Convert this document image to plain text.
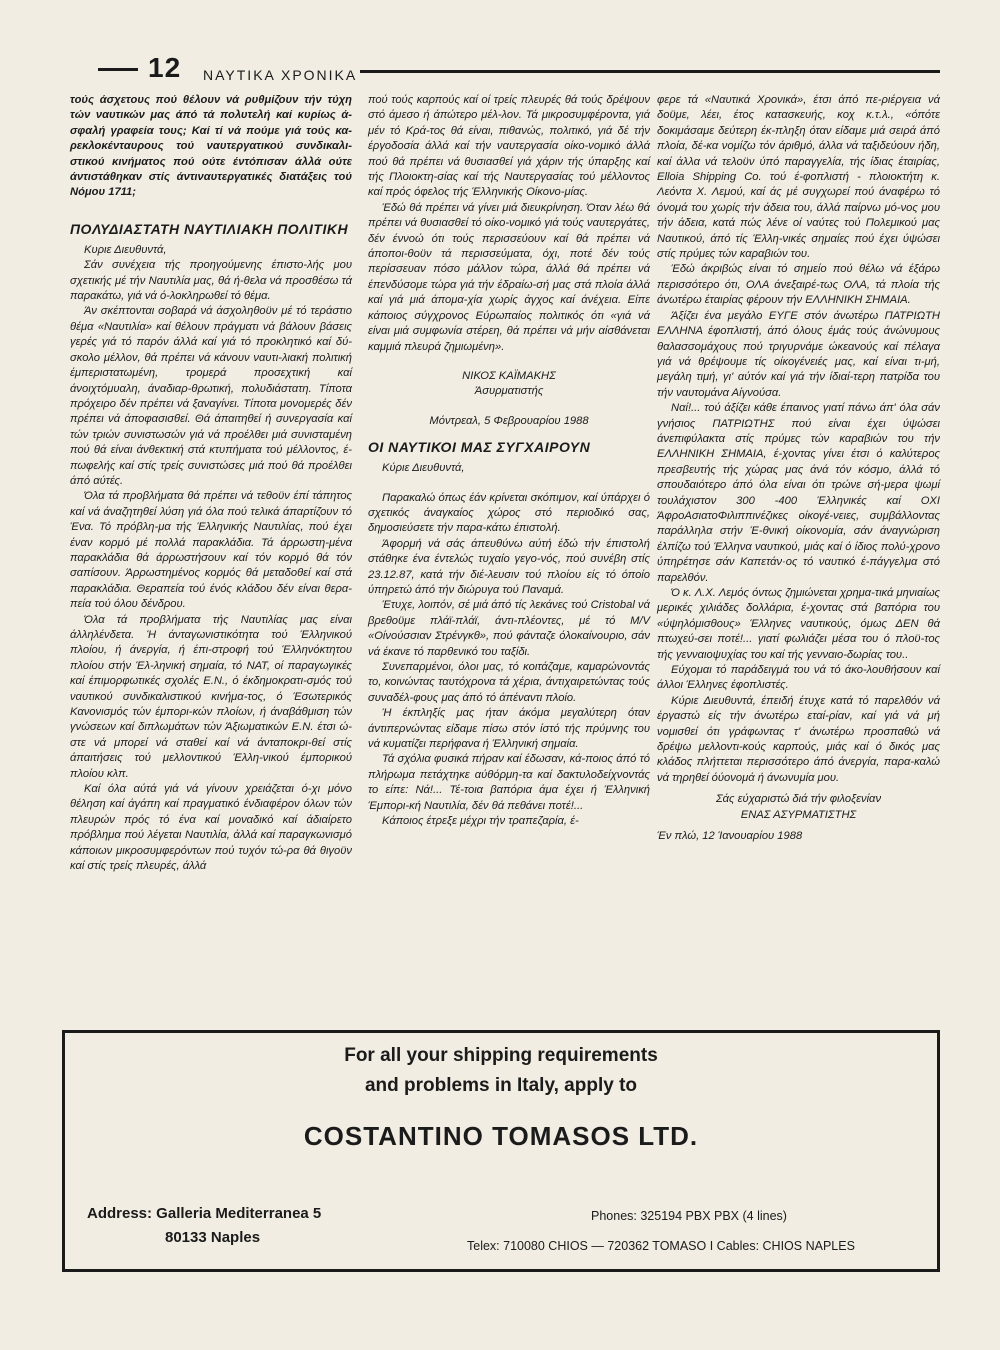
12 ΝΑΥΤΙΚΑ ΧΡΟΝΙΚΑ

τούς άσχετους πού θέλουν νά ρυθμίζουν τήν τύχη τών ναυτικών μας άπό τά πολυτελή καί κυρίως ά-σφαλή γραφεία τους; Καί τί νά πούμε γιά τούς κα-ρεκλοκένταυρους τού ναυτεργατικού συνδικαλι-στικού κινήματος πού ούτε έντόπισαν άλλά ούτε άντιστάθηκαν στίς άντιναυτεργατικές διατάξεις τού Νόμου 1711;

ΠΟΛΥΔΙΑΣΤΑΤΗ ΝΑΥΤΙΛΙΑΚΗ ΠΟΛΙΤΙΚΗ

Κυριε Διευθυντά,

Σάν συνέχεια τής προηγούμενης έπιστο-λής μου σχετικής μέ τήν Ναυτιλία μας, θά ή-θελα νά προσθέσω τά παρακάτω, γιά νά ό-λοκληρωθεί τό θέμα.

Άν σκέπτονται σοβαρά νά άσχοληθοϋν μέ τό τεράστιο θέμα «Ναυτιλία» καί θέλουν πράγματι νά βάλουν βάσεις γερές γιά τό παρόν άλλά καί γιά τό προκλητικό καί δύ-σκολο μέλλον, θά πρέπει νά κάνουν ναυτι-λιακή πολιτική έμπεριστατωμένη, τρομερά προσεχτική καί άνοιχτόμυαλη, άναδιαρ-θρωτική, πολυδιάστατη. Τίποτα πρόχειρο δέν πρέπει νά ξαναγίνει. Τίποτα μονομερές δέν πρέπει νά άποφασισθεί. Θά άπαιτηθεί ή συνεργασία καί τών τριών συνιστωσών γιά νά προέλθει μιά συνισταμένη πού θά είναι άνθεκτική στά κτυπήματα τού μέλλοντος, έ-πωφελής καί στίς τρείς συνιστώσες μιά πού θά προέλθει άπό αύτές.

Όλα τά προβλήματα θά πρέπει νά τεθοϋν έπί τάπητος καί νά άναζητηθεί λύση γιά όλα πού τελικά άπαρτίζουν τό Ένα. Τό πρόβλη-μα τής Έλληνικής Ναυτιλίας, πού έχει έναν κορμό μέ πολλά παρακλάδια. Τά άρρωστη-μένα παρακλάδια θά άρρωστήσουν καί τόν κορμό θά τόν σαπίσουν. Άρρωστημένος κορμός θά μεταδοθεί καί στά παρακλάδια. Θεραπεία τού ένός κλάδου δέν είναι θερα-πεία τού όλου δένδρου.

Όλα τά προβλήματα τής Ναυτιλίας μας είναι άλληλένδετα. Ή άνταγωνιστικότητα τού Έλληνικού πλοίου, ή άνεργία, ή έπι-στροφή τού Έλληνόκτητου πλοίου στήν Έλ-ληνική σημαία, τό ΝΑΤ, οί παραγωγικές καί έπιμορφωτικές σχολές Ε.Ν., ό έκδημοκρατι-σμός τού ναυτικού συνδικαλιστικού κινήμα-τος, ό Έσωτερικός Κανονισμός τών έμπορι-κών πλοίων, ή άναβάθμιση τών γνώσεων καί διπλωμάτων τών Άξιωματικών Ε.Ν. έτσι ώ-στε νά μπορεί νά σταθεί καί νά άνταποκρι-θεί στίς άπαιτήσεις τού μελλοντικού Έλλη-νικού έμπορικού πλοίου κλπ.

Καί όλα αύτά γιά νά γίνουν χρειάζεται ό-χι μόνο θέληση καί άγάπη καί πραγματικό ένδιαφέρον όλων τών πλευρών πρός τό ένα καί μοναδικό καί άδιαίρετο πρόβλημα πού λέγεται Ναυτιλία, άλλά καί παραγκωνισμό κάποιων μικροσυμφερόντων πού τυχόν τώ-ρα θά θιγοϋν καί στίς τρείς πλευρές, άλλά

πού τούς καρπούς καί οί τρείς πλευρές θά τούς δρέψουν στό άμεσο ή άπώτερο μέλ-λον. Τά μικροσυμφέροντα, γιά μέν τό Κρά-τος θά είναι, πιθανώς, πολιτικό, γιά δέ τήν έργοδοσία άλλά καί τήν ναυτεργασία οίκο-νομικό άλλά πού θά πρέπει νά θυσιασθεί γιά χάριν τής ύπαρξης καί τής Πλοιοκτη-σίας καί τής Ναυτεργασίας τού μέλλοντος καί πρός όφελος τής Έλληνικής Οίκονο-μίας.

Έδώ θά πρέπει νά γίνει μιά διευκρίνηση. Όταν λέω θά πρέπει νά θυσιασθεί τό οίκο-νομικό γιά τούς ναυτεργάτες, δέν έννοώ ότι τούς περισσεύουν καί θά πρέπει νά άποποι-θοϋν τά περισσεύματα, όχι, ποτέ δέν τούς περίσσευαν πόσο μάλλον τώρα, άλλά θά πρέπει νά έπενδύσομε τώρα γιά τήν έδραίω-σή μας στά πλοία άλλά καί γιά μιά άπομα-χία χωρίς άγχος καί άνέχεια. Είπε κάποιος σύγχρονος Εύρωπαίος πολιτικός ότι «γιά νά είναι μιά συμφωνία στέρεη, θά πρέπει νά μήν αίσθάνεται καμμιά πλευρά ζημιωμένη».

ΝΙΚΟΣ ΚΑΪΜΑΚΗΣ

Άσυρματιστής

Μόντρεαλ, 5 Φεβρουαρίου 1988

ΟΙ ΝΑΥΤΙΚΟΙ ΜΑΣ ΣΥΓΧΑΙΡΟΥΝ

Κύριε Διευθυντά,

Παρακαλώ όπως έάν κρίνεται σκόπιμον, καί ύπάρχει ό σχετικός άναγκαίος χώρος στό περιοδικό σας, δημοσιεύσετε τήν παρα-κάτω έπιστολή.

Άφορμή νά σάς άπευθύνω αύτή έδώ τήν έπιστολή στάθηκε ένα έντελώς τυχαίο γεγο-νός, πού συνέβη στίς 23.12.87, κατά τήν διέ-λευσιν τού πλοίου είς τό όποίο ύπηρετώ άπό τήν διώρυγα τού Παναμά.

Έτυχε, λοιπόν, σέ μιά άπό τίς λεκάνες τού Cristobal νά βρεθοϋμε πλάϊ-πλάϊ, άντι-πλέοντες, μέ τό Μ/V «Οίνούσσιαν Στρένγκθ», πού φάνταζε όλοκαίνουριο, σάν νά έκανε τό παρθενικό του ταξίδι.

Συνεπαρμένοι, όλοι μας, τό κοιτάζαμε, καμαρώνοντάς το, κοινώντας ταυτόχρονα τά χέρια, άντιχαιρετώντας τούς συναδέλ-φους μας άπό τό άπέναντι πλοίο.

Ή έκπληξίς μας ήταν άκόμα μεγαλύτερη όταν άντιπερνώντας είδαμε πίσω στόν ίστό τής πρύμνης του νά κυματίζει περήφανα ή Έλληνική σημαία.

Τά σχόλια φυσικά πήραν καί έδωσαν, κά-ποιος άπό τό πλήρωμα πετάχτηκε αύθόρμη-τα καί δακτυλοδείχνοντάς το είπε: Νά!... Τέ-τοια βαπόρια άμα έχει ή Έλληνική Έμπορι-κή Ναυτιλία, δέν θά πεθάνει ποτέ!...

Κάποιος έτρεξε μέχρι τήν τραπεζαρία, έ-

φερε τά «Ναυτικά Χρονικά», έτσι άπό πε-ριέργεια νά δοϋμε, λέει, έτος κατασκευής, κοχ κ.τ.λ., «όπότε δοκιμάσαμε δεύτερη έκ-πληξη όταν είδαμε μιά σειρά άπό πλοία, δέ-κα νομίζω τόν άριθμό, άλλα νά ταξιδεύουν ήδη, καί άλλα νά τελοϋν ύπό παραγγελία, τής ίδιας έταιρίας, Elloia Shipping Co. τού έ-φοπλιστή - πλοιοκτήτη κ. Λεόντα Χ. Λεμού, καί άς μέ συγχωρεί πού άναφέρω τό όνομά του χωρίς τήν άδεια του, άλλά παίρνω μό-νος μου τήν άδεια, κατά πώς λένε οί ναύτες τού Πολεμικού μας Ναυτικού, άπό τίς Έλλη-νικές σημαίες πού έχει ύψώσει στίς πρύμες τών καραβιών του.

Έδώ άκριβώς είναι τό σημείο πού θέλω νά έξάρω περισσότερο ότι, ΟΛΑ άνεξαιρέ-τως ΟΛΑ, τά πλοία τής άνωτέρω έταιρίας φέρουν τήν ΕΛΛΗΝΙΚΗ ΣΗΜΑΙΑ.

Άξίζει ένα μεγάλο ΕΥΓΕ στόν άνωτέρω ΠΑΤΡΙΩΤΗ ΕΛΛΗΝΑ έφοπλιστή, άπό όλους έμάς τούς άνώνυμους θαλασσομάχους πού τριγυρνάμε ώκεανούς καί πέλαγα γιά νά θρέψουμε τίς οίκογένειές μας, καί είναι τι-μή, μεγάλη τιμή, γι' αύτόν καί γιά τήν ίδιαί-τερη πατρίδα του τήν ναυτομάνα Αίγνούσα.

Ναί!... τού άξίζει κάθε έπαινος γιατί πάνω άπ' όλα σάν γνήσιος ΠΑΤΡΙΩΤΗΣ πού είναι έχει ύψώσει άνεπιφύλακτα στίς πρύμες τών καραβιών του τήν ΕΛΛΗΝΙΚΗ ΣΗΜΑΙΑ, έ-χοντας γίνει έτσι ό καλύτερος πρεσβευτής τής χώρας μας άνά τόν κόσμο, άλλά τό σπουδαιότερο άπό όλα είναι ότι τρώνε σή-μερα ψωμί τουλάχιστον 300 -400 Έλληνικές καί ΟΧΙ ΆφροΑσιατοΦιλιππινέζικες οίκογέ-νειες, συμβάλλοντας παράλληλα στήν Έ-θνική οίκονομία, σάν άναγνώριση έλπίζω τού Έλληνα ναυτικού, μιάς καί ό ίδιος πολύ-χρονο ύπηρέτησε σάν Καπετάν·ος τό ναυτικό έ-πάγγελμα στό παρελθόν.

Ό κ. Λ.Χ. Λεμός όντως ζημιώνεται χρημα-τικά μηνιαίως μερικές χιλιάδες δολλάρια, έ-χοντας στά βαπόρια του «ύψηλόμισθους» Έλληνες ναυτικούς, όμως ΔΕΝ θά πτωχεύ-σει ποτέ!... γιατί φωλιάζει μέσα του ό πλοϋ-τος τής γενναιοψυχίας του καί τής γενναιο-δωρίας του..

Εύχομαι τό παράδειγμά του νά τό άκο-λουθήσουν καί άλλοι Έλληνες έφοπλιστές.

Κύριε Διευθυντά, έπειδή έτυχε κατά τό παρελθόν νά έργαστώ είς τήν άνωτέρω εταί-ρίαν, καί γιά νά μή νομισθεί ότι γράφωντας τ' άνωτέρω προσπαθώ νά δρέψω μελλοντι-κούς καρπούς, μιάς καί ό δικός μας κλάδος πλήττεται περισσότερο άπό άνεργία, παρα-καλώ νά τηρηθεί όύονομά ή άνωνυμία μου.

Σάς εύχαριστώ διά τήν φιλοξενίαν

ΕΝΑΣ ΑΣΥΡΜΑΤΙΣΤΗΣ

Έν πλώ, 12 Ίανουαρίου 1988

For all your shipping requirements
and problems in Italy, apply to
COSTANTINO TOMASOS LTD.
Address: Galleria Mediterranea 5
80133 Naples
Phones: 325194 PBX PBX (4 lines)
Telex: 710080 CHIOS — 720362 TOMASO I Cables: CHIOS NAPLES
